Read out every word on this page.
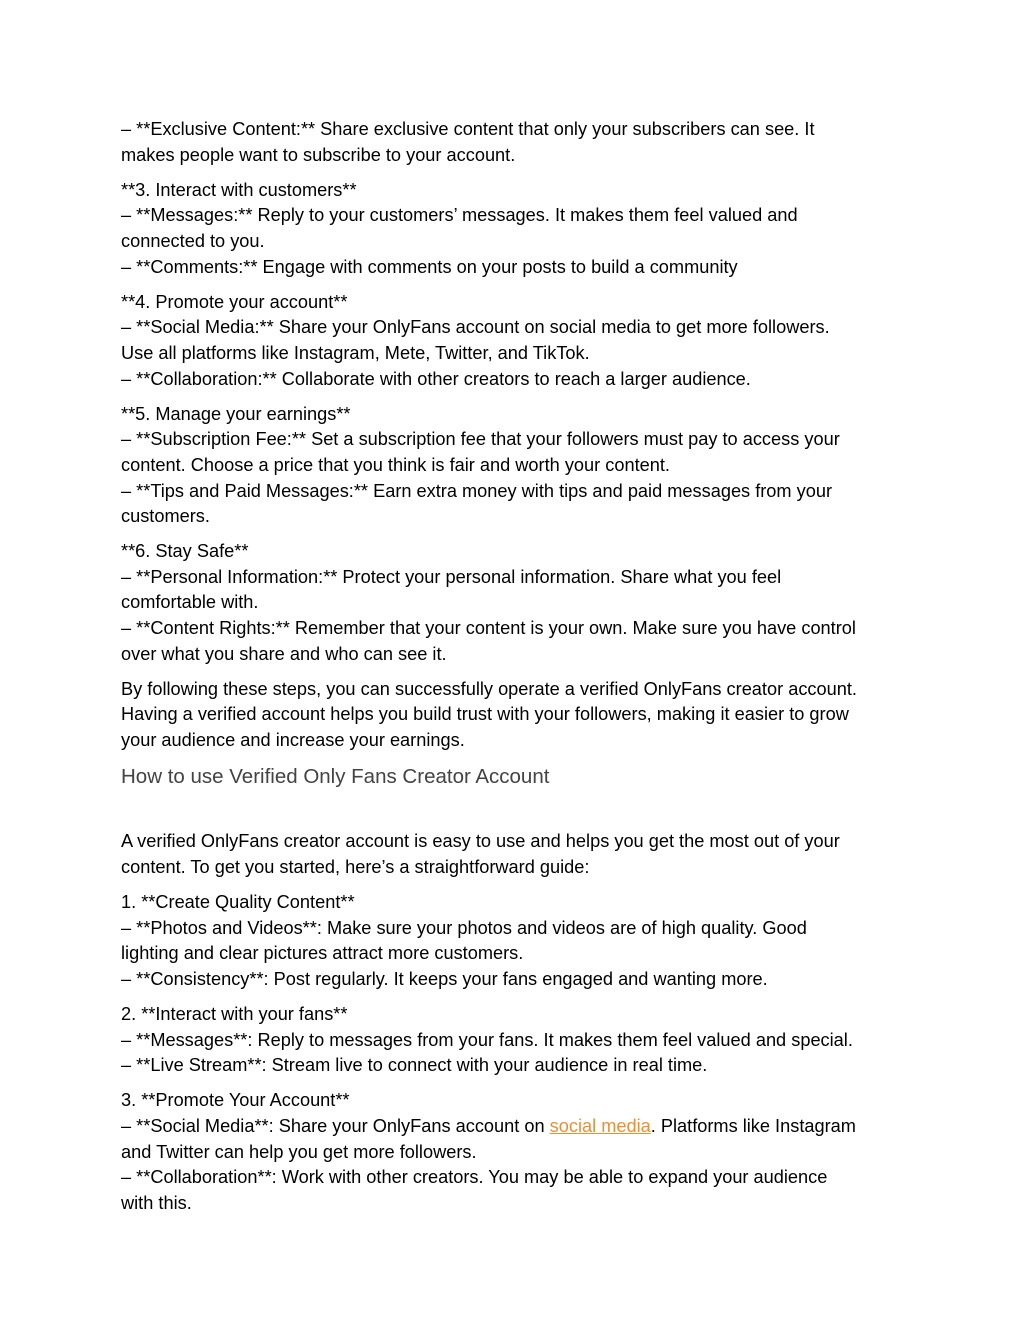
– **Exclusive Content:** Share exclusive content that only your subscribers can see. It
makes people want to subscribe to your account.
**3. Interact with customers**
– **Messages:** Reply to your customers’ messages. It makes them feel valued and
connected to you.
– **Comments:** Engage with comments on your posts to build a community
**4. Promote your account**
– **Social Media:** Share your OnlyFans account on social media to get more followers.
Use all platforms like Instagram, Mete, Twitter, and TikTok.
– **Collaboration:** Collaborate with other creators to reach a larger audience.
**5. Manage your earnings**
– **Subscription Fee:** Set a subscription fee that your followers must pay to access your
content. Choose a price that you think is fair and worth your content.
– **Tips and Paid Messages:** Earn extra money with tips and paid messages from your
customers.
**6. Stay Safe**
– **Personal Information:** Protect your personal information. Share what you feel
comfortable with.
– **Content Rights:** Remember that your content is your own. Make sure you have control
over what you share and who can see it.
By following these steps, you can successfully operate a verified OnlyFans creator account.
Having a verified account helps you build trust with your followers, making it easier to grow
your audience and increase your earnings.
How to use Verified Only Fans Creator Account
A verified OnlyFans creator account is easy to use and helps you get the most out of your
content. To get you started, here’s a straightforward guide:
1. **Create Quality Content**
– **Photos and Videos**: Make sure your photos and videos are of high quality. Good
lighting and clear pictures attract more customers.
– **Consistency**: Post regularly. It keeps your fans engaged and wanting more.
2. **Interact with your fans**
– **Messages**: Reply to messages from your fans. It makes them feel valued and special.
– **Live Stream**: Stream live to connect with your audience in real time.
3. **Promote Your Account**
– **Social Media**: Share your OnlyFans account on social media. Platforms like Instagram
and Twitter can help you get more followers.
– **Collaboration**: Work with other creators. You may be able to expand your audience
with this.
